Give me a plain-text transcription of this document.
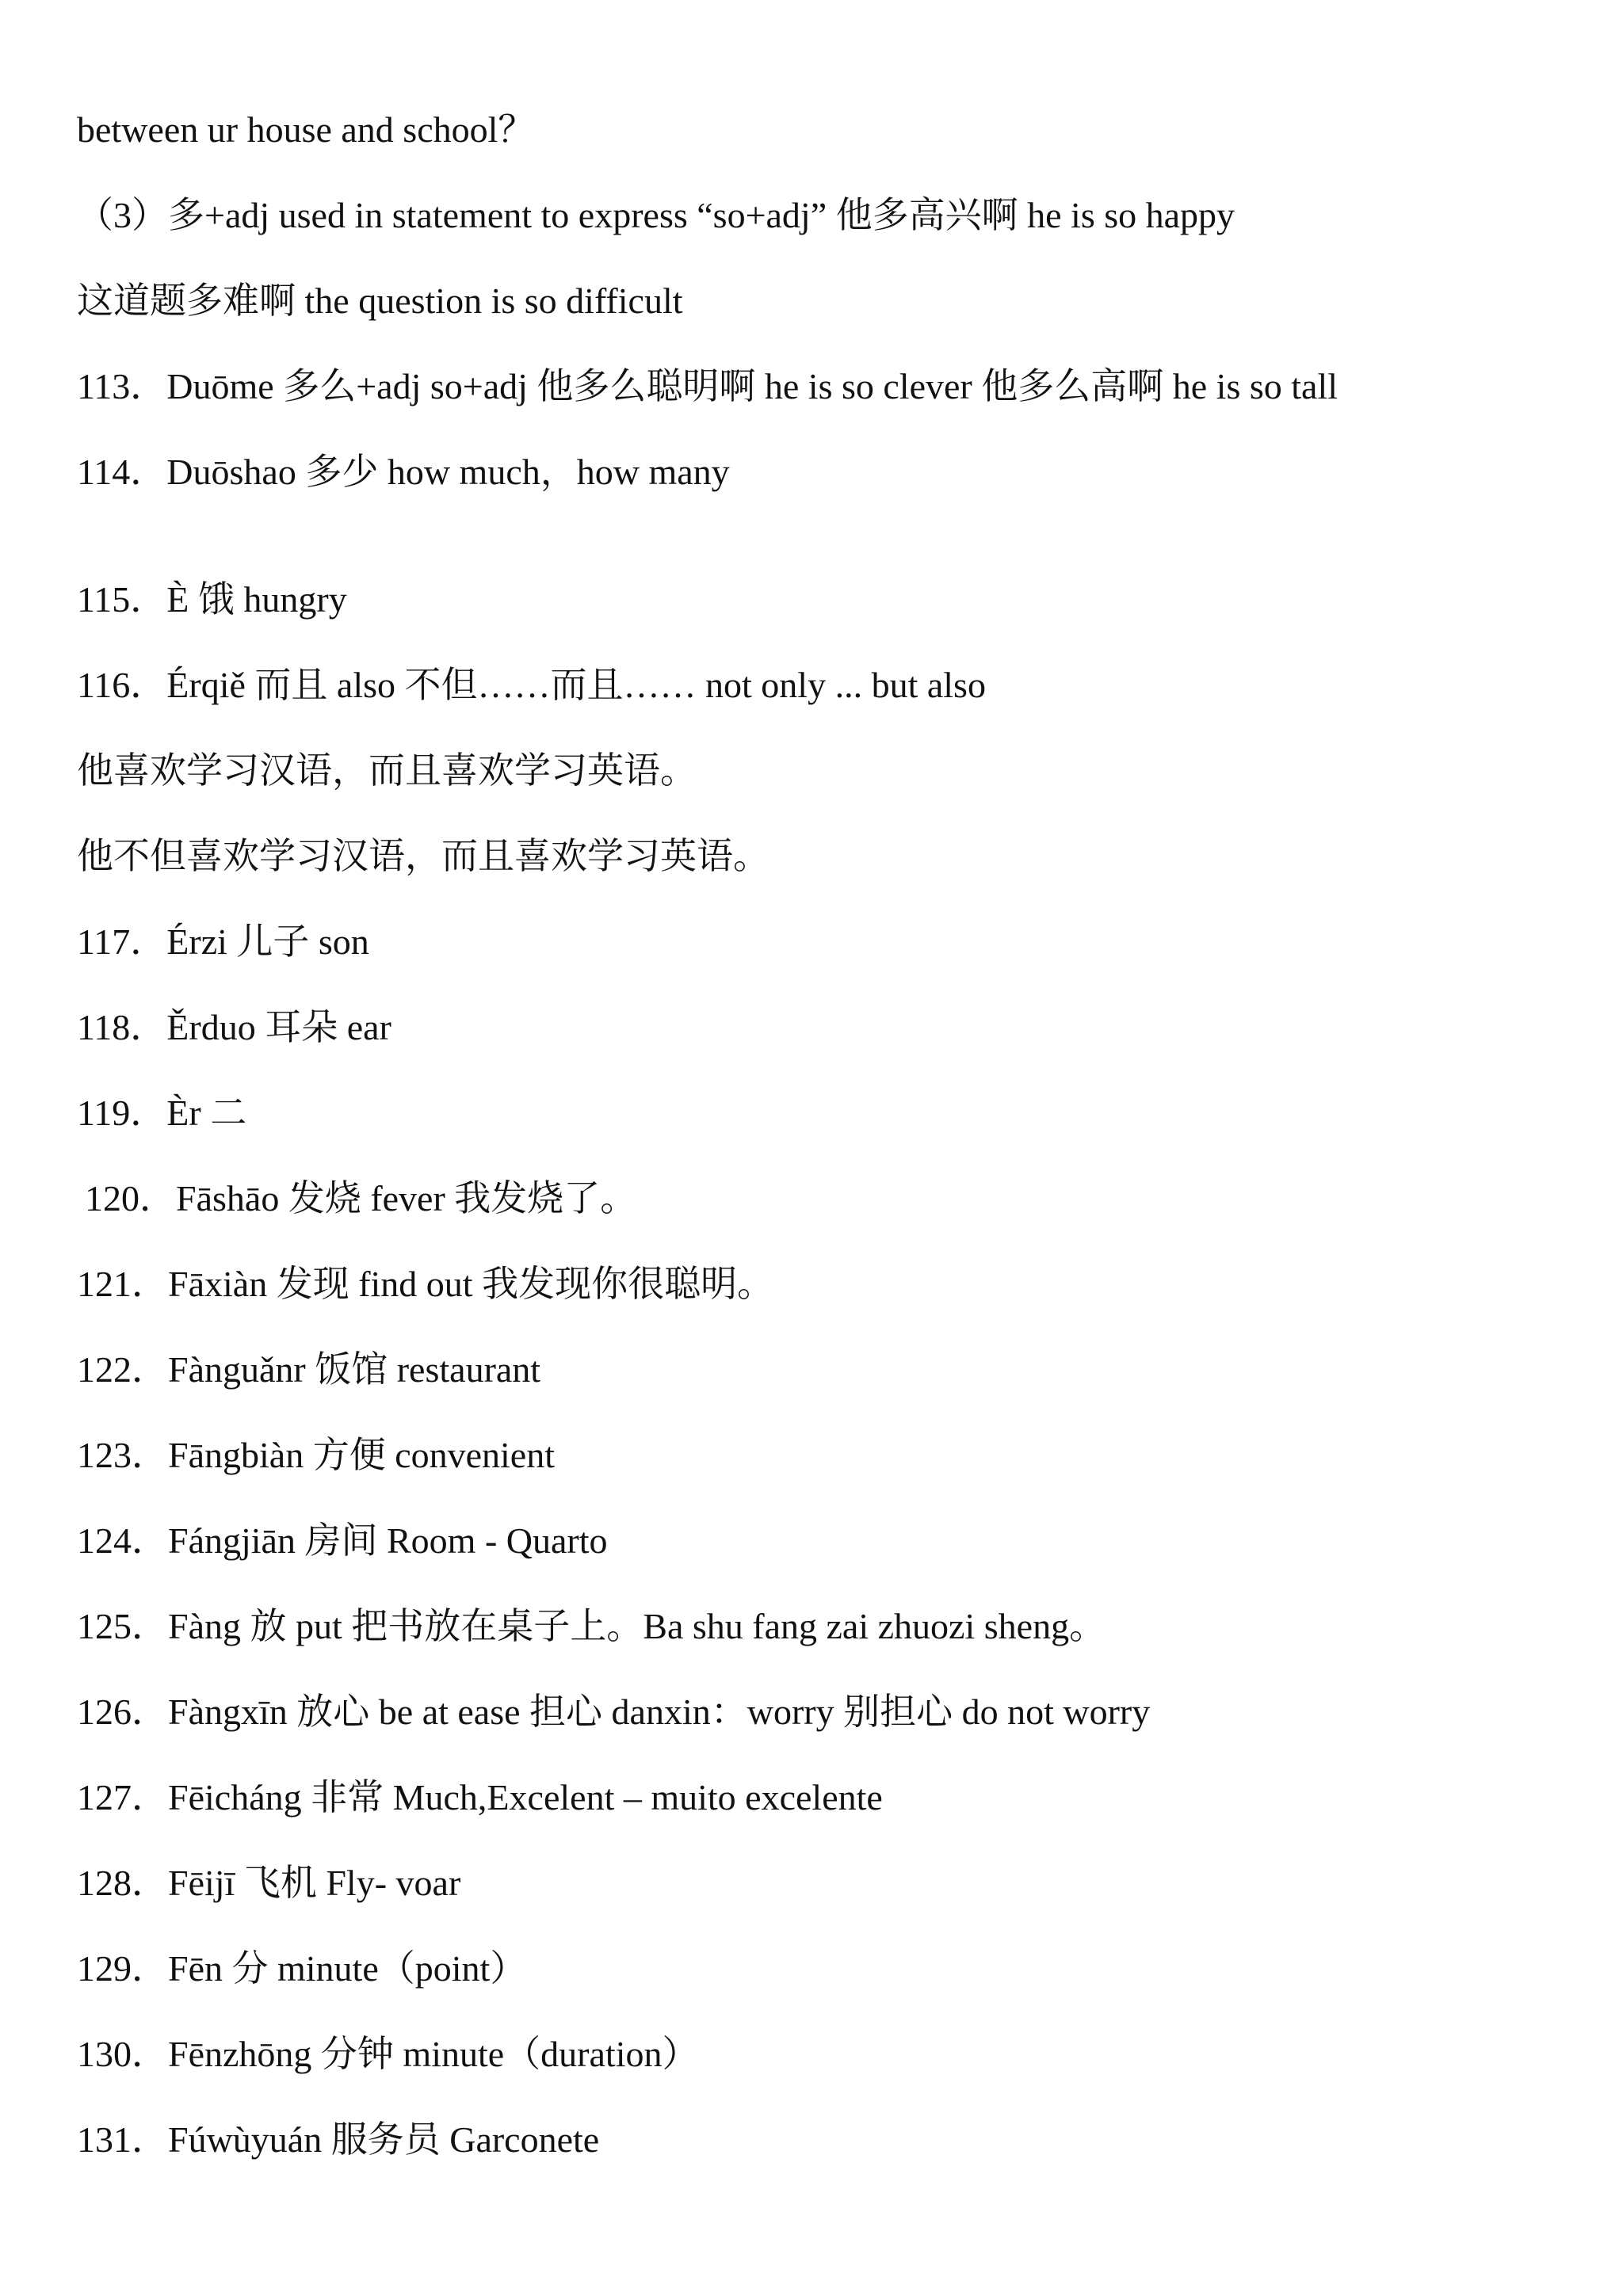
between ur house and school？
（3）多+adj used in statement to express “so+adj” 他多高兴啊 he is so happy
这道题多难啊 the question is so difficult
113．Duōme 多么+adj so+adj 他多么聪明啊 he is so clever 他多么高啊 he is so tall
114．Duōshao 多少 how much，how many
115．È 饿 hungry
116．Érqiě 而且 also 不但……而且…… not only ... but also
他喜欢学习汉语，而且喜欢学习英语。
他不但喜欢学习汉语，而且喜欢学习英语。
117．Érzi 儿子 son
118．Ěrduo 耳朵 ear
119．Èr 二
120．Fāshāo 发烧 fever 我发烧了。
121．Fāxiàn 发现 find out 我发现你很聪明。
122．Fànguǎnr 饭馆 restaurant
123．Fāngbiàn 方便 convenient
124．Fángjiān 房间 Room - Quarto
125．Fàng 放 put 把书放在桌子上。Ba shu fang zai zhuozi sheng。
126．Fàngxīn 放心 be at ease 担心 danxin：worry 别担心 do not worry
127．Fēicháng 非常 Much,Excelent – muito excelente
128．Fēijī 飞机 Fly- voar
129．Fēn 分 minute（point）
130．Fēnzhōng 分钟 minute（duration）
131．Fúwùyuán 服务员 Garconete
